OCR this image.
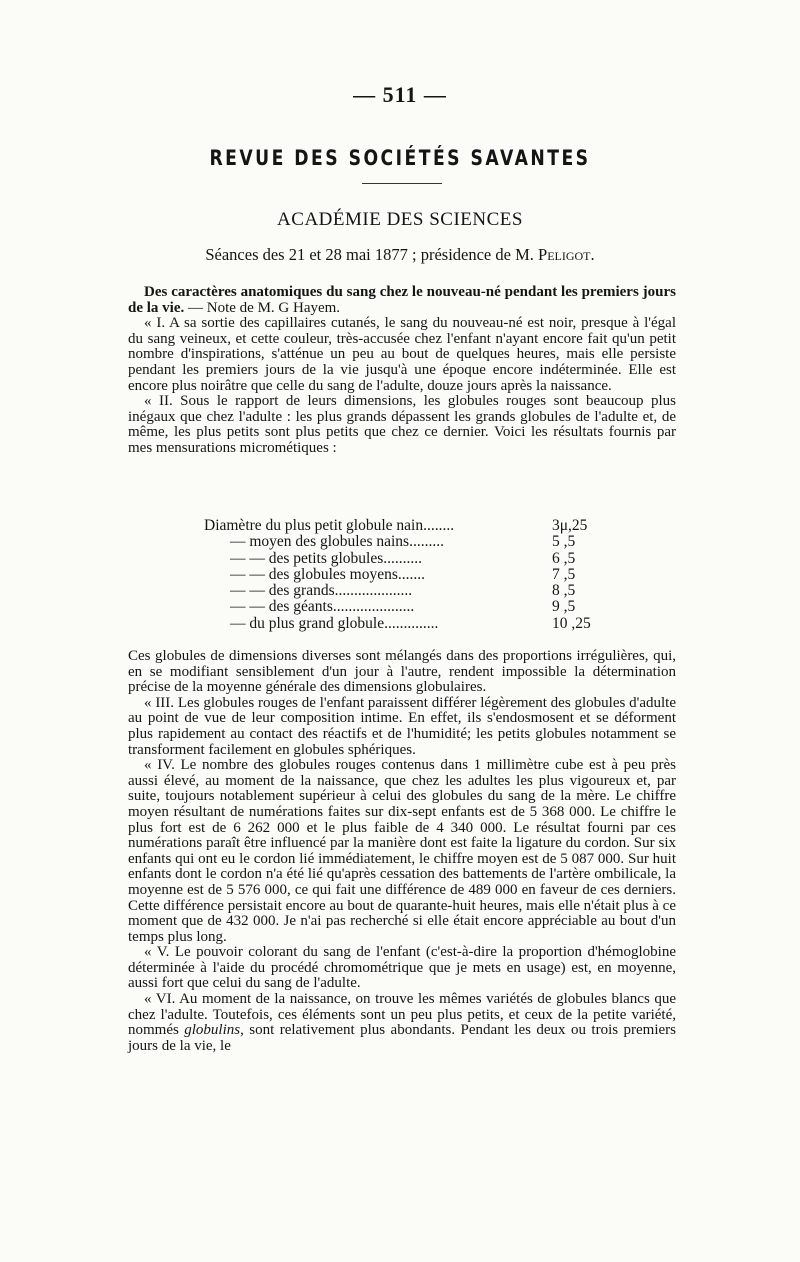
— 511 —
REVUE DES SOCIÉTÉS SAVANTES
ACADÉMIE DES SCIENCES
Séances des 21 et 28 mai 1877 ; présidence de M. Peligot.

Des caractères anatomiques du sang chez le nouveau-né pendant les premiers jours de la vie. — Note de M. G Hayem.

« I. A sa sortie des capillaires cutanés, le sang du nouveau-né est noir, presque à l'égal du sang veineux, et cette couleur, très-accusée chez l'enfant n'ayant encore fait qu'un petit nombre d'inspirations, s'atténue un peu au bout de quelques heures, mais elle persiste pendant les premiers jours de la vie jusqu'à une époque encore indéterminée. Elle est encore plus noirâtre que celle du sang de l'adulte, douze jours après la naissance.

« II. Sous le rapport de leurs dimensions, les globules rouges sont beaucoup plus inégaux que chez l'adulte : les plus grands dépassent les grands globules de l'adulte et, de même, les plus petits sont plus petits que chez ce dernier. Voici les résultats fournis par mes mensurations micrométiques :

Diamètre du plus petit globule nain........	3μ,25
— moyen des globules nains.........	5 ,5
— — des petits globules..........	6 ,5
— — des globules moyens.......	7 ,5
— — des grands....................	8 ,5
— — des géants.....................	9 ,5
— du plus grand globule..............	10 ,25

Ces globules de dimensions diverses sont mélangés dans des proportions irrégulières, qui, en se modifiant sensiblement d'un jour à l'autre, rendent impossible la détermination précise de la moyenne générale des dimensions globulaires.

« III. Les globules rouges de l'enfant paraissent différer légèrement des globules d'adulte au point de vue de leur composition intime. En effet, ils s'endosmosent et se déforment plus rapidement au contact des réactifs et de l'humidité; les petits globules notamment se transforment facilement en globules sphériques.

« IV. Le nombre des globules rouges contenus dans 1 millimètre cube est à peu près aussi élevé, au moment de la naissance, que chez les adultes les plus vigoureux et, par suite, toujours notablement supérieur à celui des globules du sang de la mère. Le chiffre moyen résultant de numérations faites sur dix-sept enfants est de 5 368 000. Le chiffre le plus fort est de 6 262 000 et le plus faible de 4 340 000. Le résultat fourni par ces numérations paraît être influencé par la manière dont est faite la ligature du cordon. Sur six enfants qui ont eu le cordon lié immédiatement, le chiffre moyen est de 5 087 000. Sur huit enfants dont le cordon n'a été lié qu'après cessation des battements de l'artère ombilicale, la moyenne est de 5 576 000, ce qui fait une différence de 489 000 en faveur de ces derniers. Cette différence persistait encore au bout de quarante-huit heures, mais elle n'était plus à ce moment que de 432 000. Je n'ai pas recherché si elle était encore appréciable au bout d'un temps plus long.

« V. Le pouvoir colorant du sang de l'enfant (c'est-à-dire la proportion d'hémoglobine déterminée à l'aide du procédé chromométrique que je mets en usage) est, en moyenne, aussi fort que celui du sang de l'adulte.

« VI. Au moment de la naissance, on trouve les mêmes variétés de globules blancs que chez l'adulte. Toutefois, ces éléments sont un peu plus petits, et ceux de la petite variété, nommés globulins, sont relativement plus abondants. Pendant les deux ou trois premiers jours de la vie, le
